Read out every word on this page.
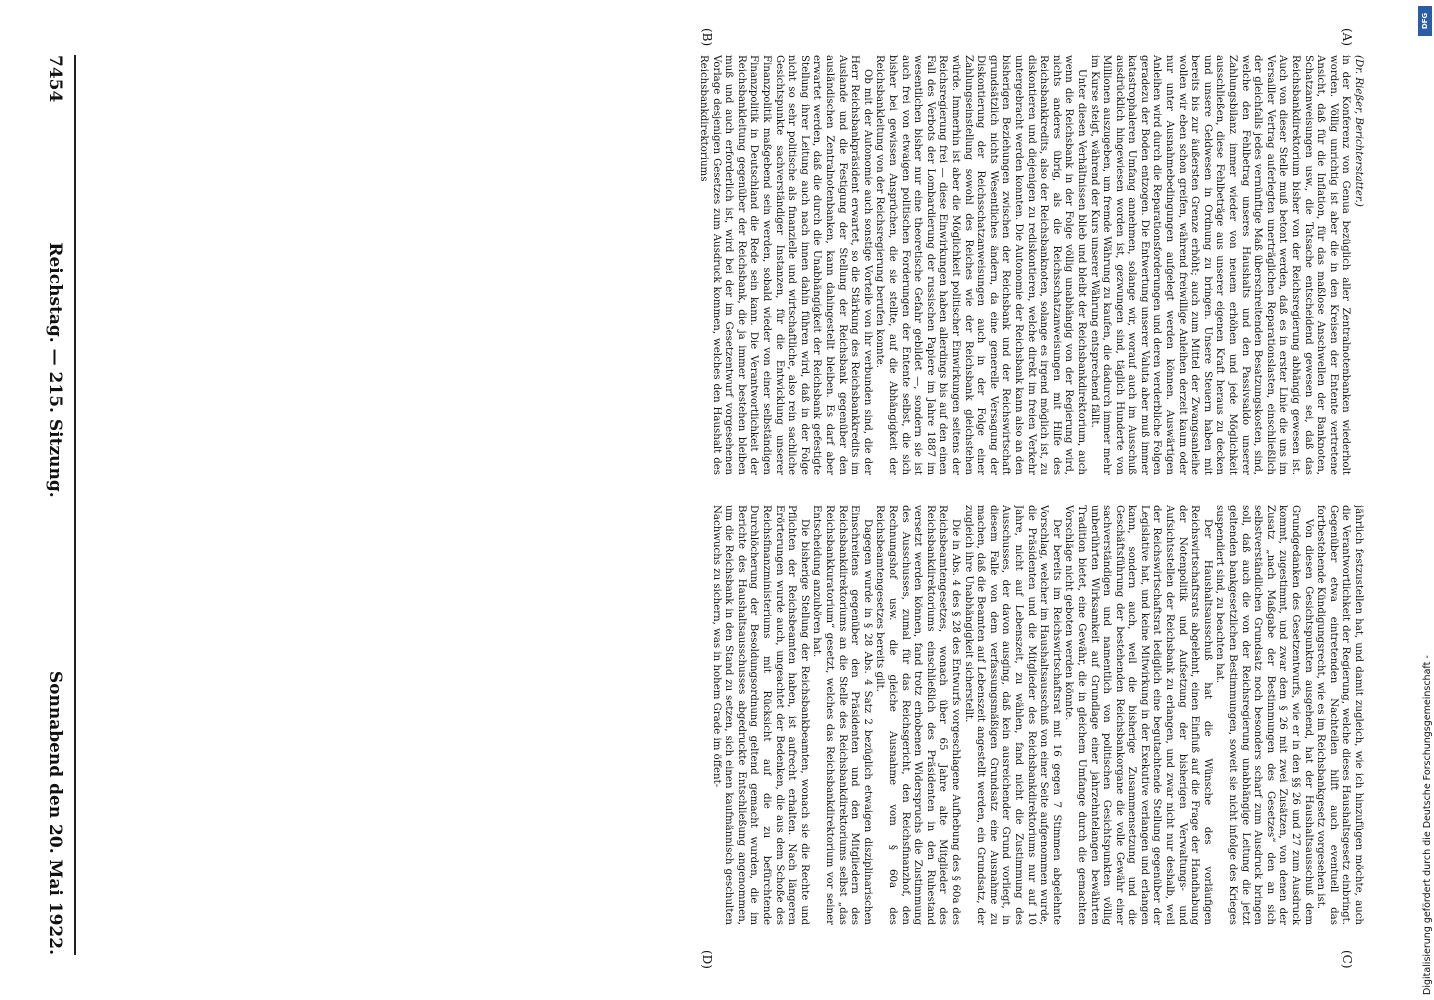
7454
Reichstag. — 215. Sitzung.
Sonnabend den 20. Mai 1922.

(Dr. Rießer, Berichterstatter.)

in der Konferenz von Genua bezüglich aller Zentralnotenbanken wiederholt worden. Völlig unrichtig ist aber die in den Kreisen der Entente vertretene Ansicht, daß für die Inflation, für das maßlose Anschwellen der Banknoten, Schatzanweisungen usw., die Tatsache entscheidend gewesen sei, daß das Reichsbankdirektorium bisher von der Reichsregierung abhängig gewesen ist. Auch von dieser Stelle muß betont werden, daß es in erster Linie die uns im Versailler Vertrag auferlegten unerträglichen Reparationslasten, einschließlich der gleichfalls jedes vernünftige Maß überschreitenden Besatzungskosten, sind, welche den Fehlbetrag unseres Haushalts und den Passivsaldo unserer Zahlungsbilanz immer wieder von neuem erhöhen und jede Möglichkeit ausschließen, diese Fehlbeträge aus unserer eigenen Kraft heraus zu decken und unsere Geldwesen in Ordnung zu bringen. Unsere Steuern haben mit bereits bis zur äußersten Grenze erhöht; auch zum Mittel der Zwangsanleihe wollen wir eben schon greifen, während freiwillige Anleihen derzeit kaum oder nur unter Ausnahmebedingungen aufgelegt werden können. Auswärtigen Anleihen wird durch die Reparationsforderungen und deren verderbliche Folgen geradezu der Boden entzogen. Die Entwertung unserer Valuta aber muß immer katastrophaleren Umfang annehmen, solange wir, worauf auch im Ausschuß ausdrücklich hingewiesen worden ist, gezwungen sind, täglich Hunderte von Millionen auszugeben, um fremde Währung zu kaufen, die dadurch immer mehr im Kurse steigt, während der Kurs unserer Währung entsprechend fällt.

Unter diesen Verhältnissen blieb und bleibt der Reichsbankdirektorium, auch wenn die Reichsbank in der Folge völlig unabhängig von der Regierung wird, nichts anderes übrig, als die Reichsschatzanweisungen mit Hilfe des Reichsbankkredits, also der Reichsbanknoten, solange es irgend möglich ist, zu diskontieren und diejenigen zu rediskontieren, welche direkt im freien Verkehr untergebracht werden konnten. Die Autonomie der Reichsbank kann also an den bisherigen Beziehungen zwischen der Reichsbank und der Reichswirtschaft grundsätzlich nichts Wesentliches ändern, da eine generelle Versagung der Diskontierung der Reichsschatzanweisungen auch in der Folge einer Zahlungseinstellung sowohl des Reiches wie der Reichsbank gleichstehen würde. Immerhin ist aber die Möglichkeit politischer Einwirkungen seitens der Reichsregierung frei — diese Einwirkungen haben allerdings bis auf den einen Fall des Verbots der Lombardierung der russischen Papiere im Jahre 1887 im wesentlichen bisher nur eine theoretische Gefahr gebildet —, sondern sie ist auch frei von etwaigen politischen Forderungen der Entente selbst, die sich bisher bei gewissen Ansprüchen, die sie stellte, auf die Abhängigkeit der Reichsbankleitung von der Reichsregierung berufen konnte.

Ob mit der Autonomie auch sonstige Vorteile von ihr verbunden sind, die der Herr Reichsbankpräsident erwartet, so die Stärkung des Reichsbankkredits im Auslande und die Festigung der Stellung der Reichsbank gegenüber den ausländischen Zentralnotenbanken, kann dahingestellt bleiben. Es darf aber erwartet werden, daß die durch die Unabhängigkeit der Reichsbank gefestigte Stellung ihrer Leitung auch nach innen dahin führen wird, daß in der Folge nicht so sehr politische als finanzielle und wirtschaftliche, also rein sachliche Gesichtspunkte sachverständiger Instanzen, für die Entwicklung unserer Finanzpolitik maßgebend sein werden, sobald wieder von einer selbständigen Finanzpolitik in Deutschland die Rede sein kann. Die Verantwortlichkeit der Reichsbankleitung gegenüber der Reichsbank, die ja immer bestehen bleiben muß und auch erforderlich ist, wird bei der im Gesetzentwurf vorgesehenen Vorlage desjenigen Gesetzes zum Ausdruck kommen, welches den Haushalt des Reichsbankdirektoriums

jährlich festzustellen hat, und damit zugleich, wie ich hinzufügen möchte, auch die Verantwortlichkeit der Regierung, welche dieses Haushaltsgesetz einbringt. Gegenüber etwa eintretenden Nachteilen hilft auch eventuell das fortbestehende Kündigungsrecht, wie es im Reichsbankgesetz vorgesehen ist.

Von diesen Gesichtspunkten ausgehend, hat der Haushaltsausschuß dem Grundgedanken des Gesetzentwurfs, wie er in den §§ 26 und 27 zum Ausdruck kommt, zugestimmt, und zwar dem § 26 mit zwei Zusätzen, von denen der Zusatz „nach Maßgabe der Bestimmungen des Gesetzes“ den an sich selbstverständlichen Grundsatz noch besonders scharf zum Ausdruck bringen soll, daß auch die von der Reichsregierung unabhängige Leitung die jetzt geltenden bankgesetzlichen Bestimmungen, soweit sie nicht infolge des Krieges suspendiert sind, zu beachten hat.

Der Haushaltsausschuß hat die Wünsche des vorläufigen Reichswirtschaftsrats abgelehnt, einen Einfluß auf die Frage der Handhabung der Notenpolitik und Aufsetzung der bisherigen Verwaltungs- und Aufsichtsstellen der Reichsbank zu erlangen, und zwar nicht nur deshalb, weil der Reichswirtschaftsrat lediglich eine begutachtende Stellung gegenüber der Legislative hat, und keine Mitwirkung in der Exekutive verlangen und erlangen kann, sondern auch, weil die bisherige Zusammensetzung und die Geschäftsführung der bestehenden Reichsbankorgane die volle Gewähr einer sachverständigen und namentlich von politischen Gesichtspunkten völlig unberührten Wirksamkeit auf Grundlage einer jahrzehntelangen bewährten Tradition bietet, eine Gewähr, die in gleichem Umfange durch die gemachten Vorschläge nicht geboten werden könnte.

Der bereits im Reichswirtschaftsrat mit 16 gegen 7 Stimmen abgelehnte Vorschlag, welcher im Haushaltsausschuß von einer Seite aufgenommen wurde, die Präsidenten und die Mitglieder des Reichsbankdirektoriums nur auf 10 Jahre, nicht auf Lebenszeit, zu wählen, fand nicht die Zustimmung des Ausschusses, der davon ausging, daß kein ausreichender Grund vorliegt, in diesem Falle von dem verfassungsmäßigen Grundsatz eine Ausnahme zu machen, daß die Beamten auf Lebenszeit angestellt werden, ein Grundsatz, der zugleich ihre Unabhängigkeit sicherstellt.

Die in Abs. 4 des § 28 des Entwurfs vorgeschlagene Aufhebung des § 60a des Reichsbeamtengesetzes, wonach über 65 Jahre alte Mitglieder des Reichsbankdirektoriums einschließlich des Präsidenten in den Ruhestand versetzt werden können, fand trotz erhobenen Widerspruchs die Zustimmung des Ausschusses, zumal für das Reichsgericht, den Reichsfinanzhof, den Rechnungshof usw. die gleiche Ausnahme vom § 60a des Reichsbeamtengesetzes bereits gilt.

Dagegen wurde in § 28 Abs. 4 Satz 2 bezüglich etwaigen disziplinarischen Einschreitens gegenüber den Präsidenten und den Mitgliedern des Reichsbankdirektoriums an die Stelle des Reichsbankdirektoriums selbst „das Reichsbankkuratorium“ gesetzt, welches das Reichsbankdirektorium vor seiner Entscheidung anzuhören hat.

Die bisherige Stellung der Reichsbankbeamten, wonach sie die Rechte und Pflichten der Reichsbeamten haben, ist aufrecht erhalten. Nach längeren Erörterungen wurde auch, ungeachtet der Bedenken, die aus dem Schoße des Reichsfinanzministeriums mit Rücksicht auf die zu befürchtende Durchlöcherung der Besoldungsordnung geltend gemacht wurden, die im Berichte des Haushaltsausschusses abgedruckte Entschließung angenommen, um die Reichsbank in den Stand zu setzen, sich einen kaufmännisch geschulten Nachwuchs zu sichern, was in hohem Grade im öffent-

(A)
(B)
(C)
(D)
DFG
Digitalisierung gefördert durch die Deutsche Forschungsgemeinschaft -
